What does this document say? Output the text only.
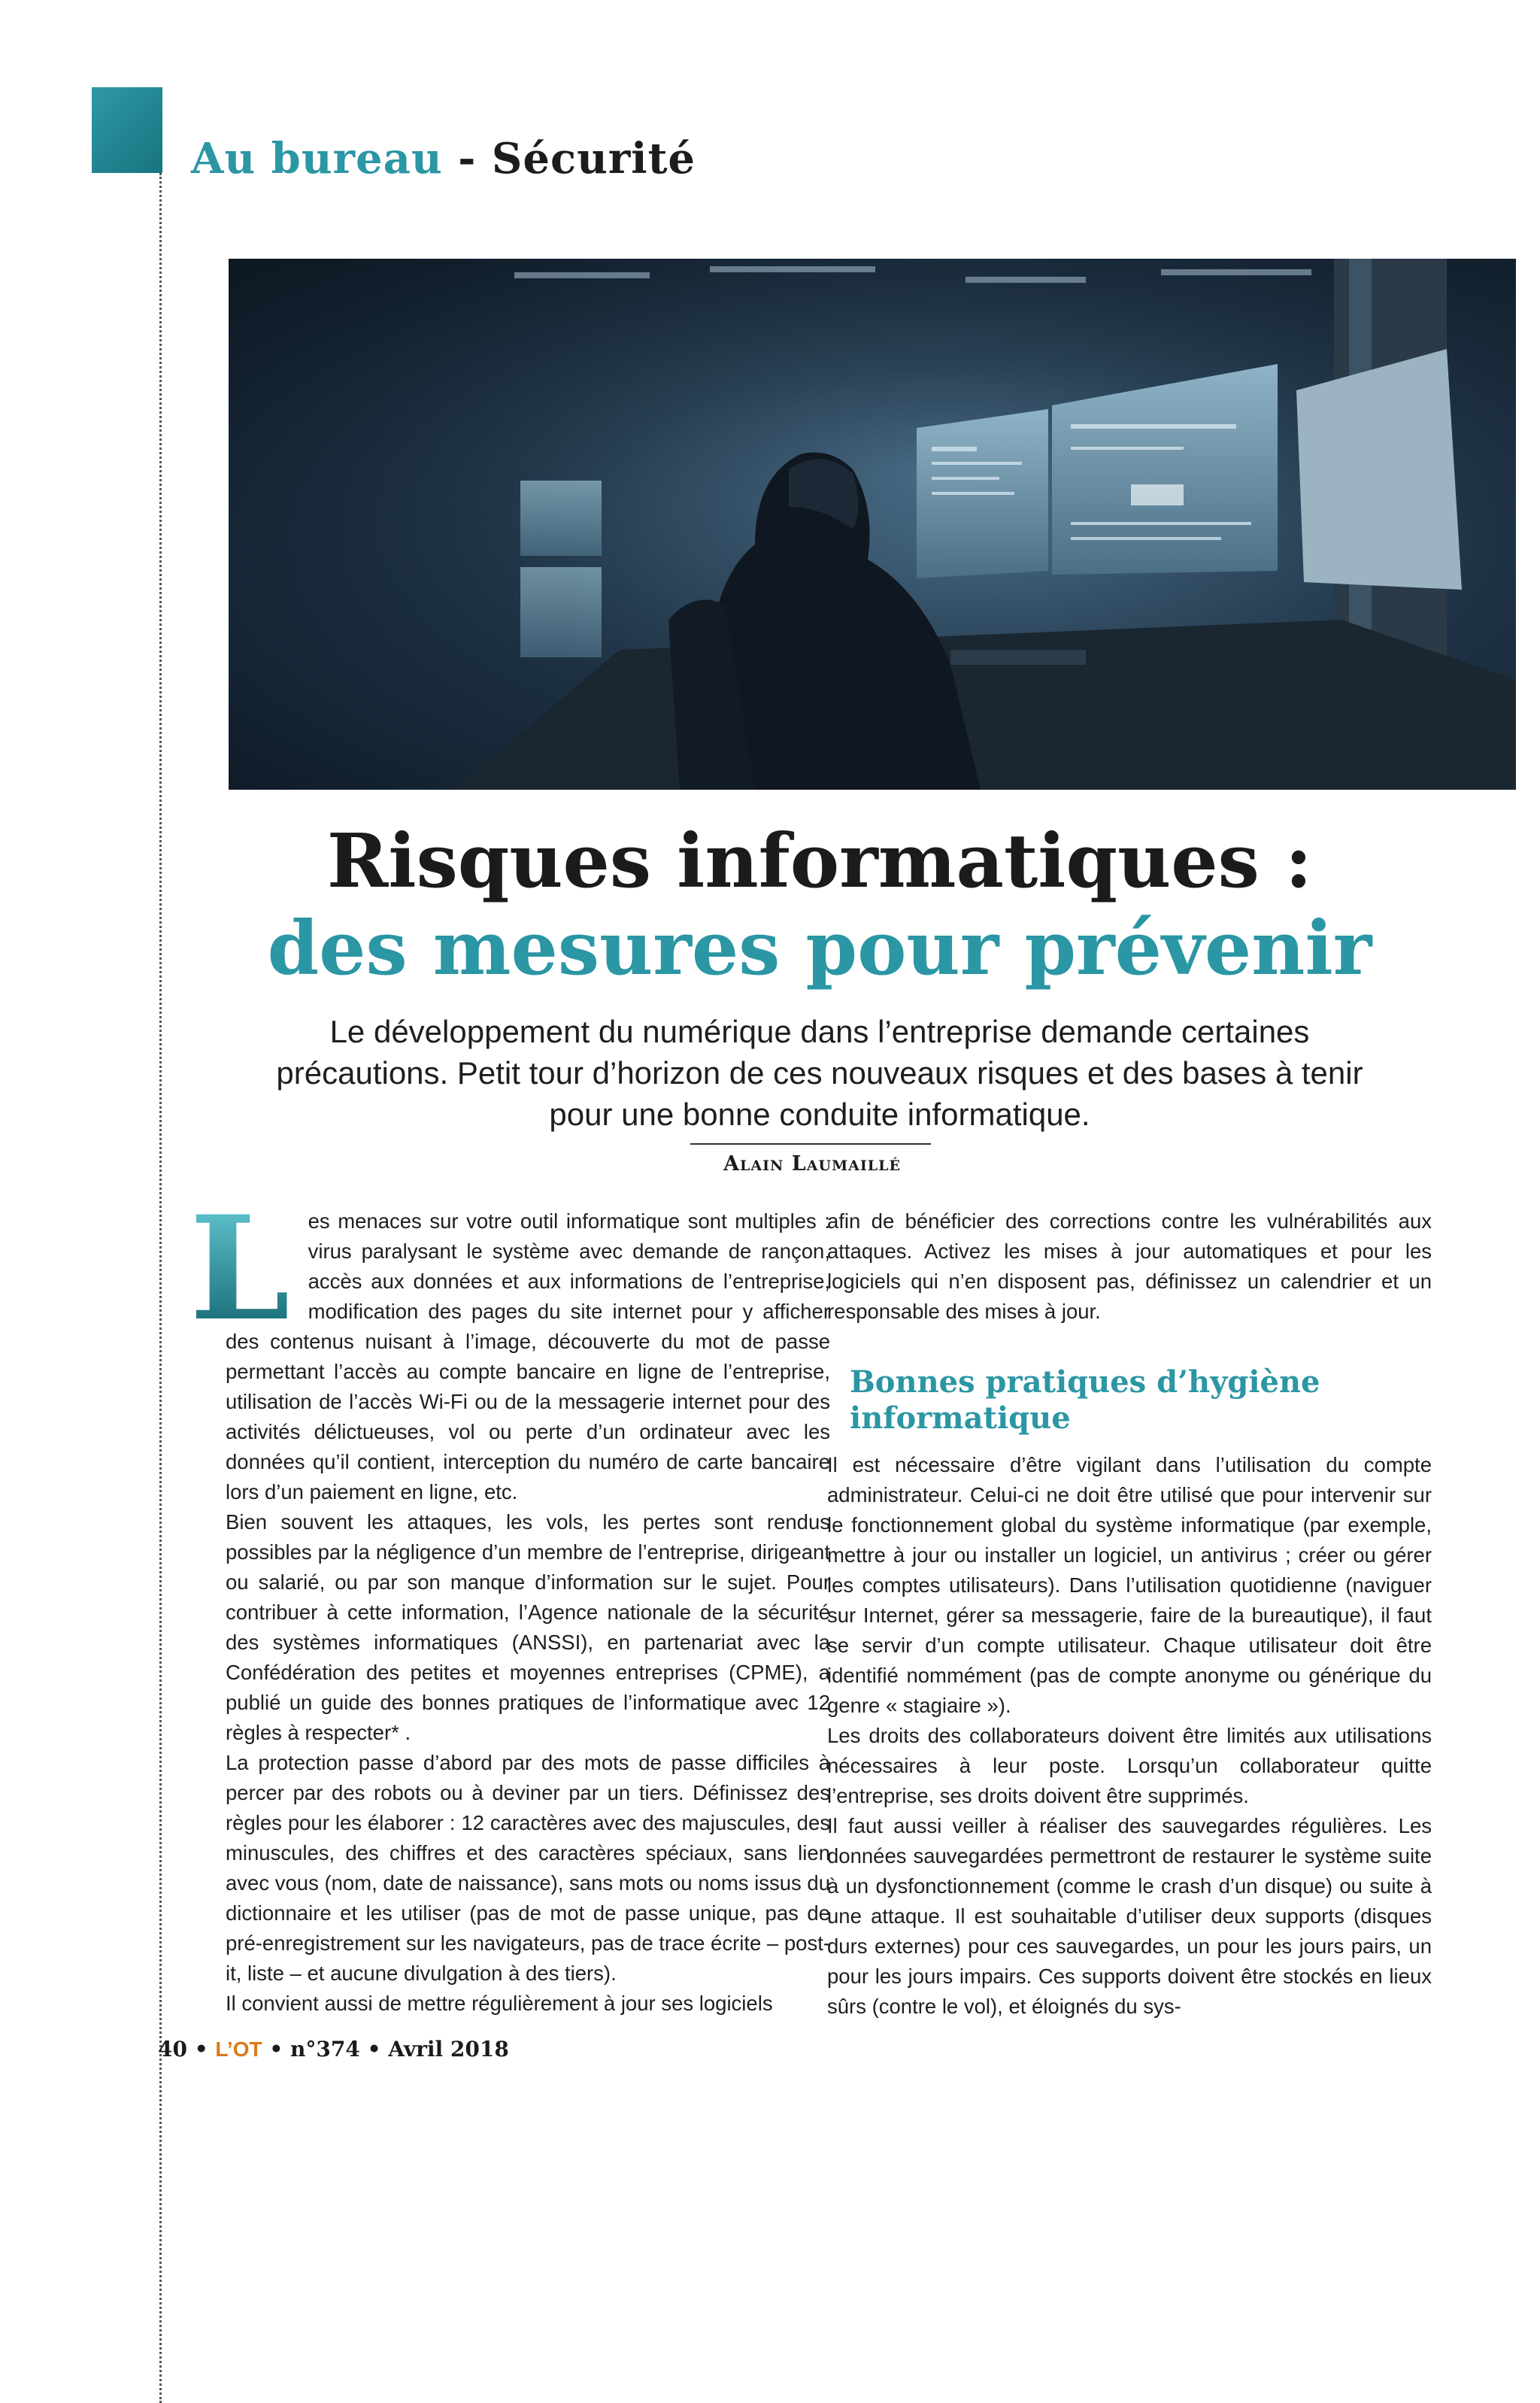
Au bureau - Sécurité
Risques informatiques :
des mesures pour prévenir
Le développement du numérique dans l’entreprise demande certaines précautions. Petit tour d’horizon de ces nouveaux risques et des bases à tenir pour une bonne conduite informatique.
Alain Laumaillé

L es menaces sur votre outil informatique sont multiples : virus paralysant le système avec demande de rançon, accès aux données et aux informations de l’entreprise, modification des pages du site internet pour y afficher des contenus nuisant à l’image, découverte du mot de passe permettant l’accès au compte bancaire en ligne de l’entreprise, utilisation de l’accès Wi-Fi ou de la messagerie internet pour des activités délictueuses, vol ou perte d’un ordinateur avec les données qu’il contient, interception du numéro de carte bancaire lors d’un paiement en ligne, etc.

Bien souvent les attaques, les vols, les pertes sont rendus possibles par la négligence d’un membre de l’entreprise, dirigeant ou salarié, ou par son manque d’information sur le sujet. Pour contribuer à cette information, l’Agence nationale de la sécurité des systèmes informatiques (ANSSI), en partenariat avec la Confédération des petites et moyennes entreprises (CPME), a publié un guide des bonnes pratiques de l’informatique avec 12 règles à respecter* .

La protection passe d’abord par des mots de passe difficiles à percer par des robots ou à deviner par un tiers. Définissez des règles pour les élaborer : 12 caractères avec des majuscules, des minuscules, des chiffres et des caractères spéciaux, sans lien avec vous (nom, date de naissance), sans mots ou noms issus du dictionnaire et les utiliser (pas de mot de passe unique, pas de pré-enregistrement sur les navigateurs, pas de trace écrite – post-it, liste – et aucune divulgation à des tiers).

Il convient aussi de mettre régulièrement à jour ses logiciels

afin de bénéficier des corrections contre les vulnérabilités aux attaques. Activez les mises à jour automatiques et pour les logiciels qui n’en disposent pas, définissez un calendrier et un responsable des mises à jour.

Bonnes pratiques d’hygiène informatique

Il est nécessaire d’être vigilant dans l’utilisation du compte administrateur. Celui-ci ne doit être utilisé que pour intervenir sur le fonctionnement global du système informatique (par exemple, mettre à jour ou installer un logiciel, un antivirus ; créer ou gérer les comptes utilisateurs). Dans l’utilisation quotidienne (naviguer sur Internet, gérer sa messagerie, faire de la bureautique), il faut se servir d’un compte utilisateur. Chaque utilisateur doit être identifié nommément (pas de compte anonyme ou générique du genre « stagiaire »).

Les droits des collaborateurs doivent être limités aux utilisations nécessaires à leur poste. Lorsqu’un collaborateur quitte l’entreprise, ses droits doivent être supprimés.

Il faut aussi veiller à réaliser des sauvegardes régulières. Les données sauvegardées permettront de restaurer le système suite à un dysfonctionnement (comme le crash d’un disque) ou suite à une attaque. Il est souhaitable d’utiliser deux supports (disques durs externes) pour ces sauvegardes, un pour les jours pairs, un pour les jours impairs. Ces supports doivent être stockés en lieux sûrs (contre le vol), et éloignés du sys-

40 • L’OT • n°374 • Avril 2018
